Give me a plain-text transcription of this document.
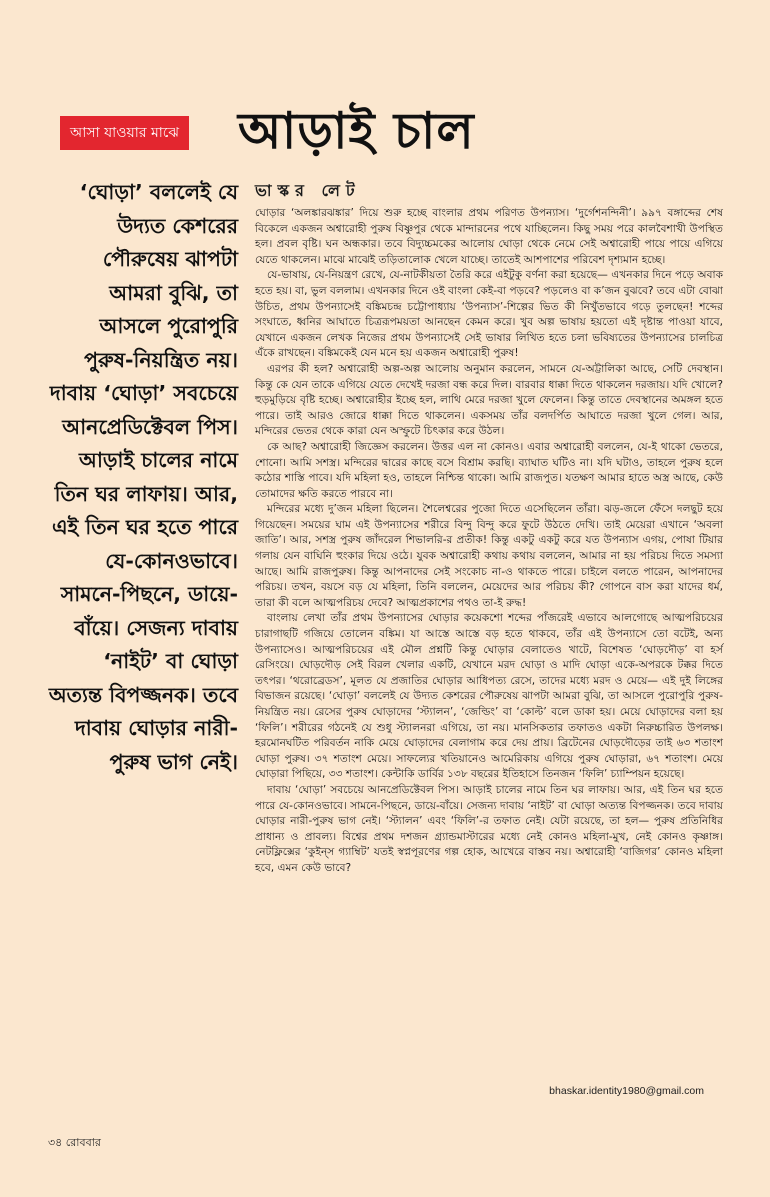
আসা যাওয়ার মাঝে আড়াই চাল
ভাস্কর লেট
‘ঘোড়া’ বললেই যে উদ্যত কেশরের পৌরুষেয় ঝাপটা আমরা বুঝি, তা আসলে পুরোপুরি পুরুষ-নিয়ন্ত্রিত নয়। দাবায় ‘ঘোড়া’ সবচেয়ে আনপ্রেডিক্টেবল পিস। আড়াই চালের নামে তিন ঘর লাফায়। আর, এই তিন ঘর হতে পারে যে-কোনওভাবে। সামনে-পিছনে, ডায়ে-বাঁয়ে। সেজন্য দাবায় ‘নাইট’ বা ঘোড়া অত্যন্ত বিপজ্জনক। তবে দাবায় ঘোড়ার নারী-পুরুষ ভাগ নেই।

ঘোড়ার ‘অলঙ্কারঝঙ্কার’ দিয়ে শুরু হচ্ছে বাংলার প্রথম পরিণত উপন্যাস। ‘দুর্গেশনন্দিনী’। ৯৯৭ বঙ্গাব্দের শেষ বিকেলে একজন অশ্বারোহী পুরুষ বিষ্ণুপুর থেকে মান্দারনের পথে যাচ্ছিলেন। কিছু সময় পরে কালবৈশাখী উপস্থিত হল। প্রবল বৃষ্টি। ঘন অন্ধকার। তবে বিদ্যুচ্চমকের আলোয় ঘোড়া থেকে নেমে সেই অশ্বারোহী পায়ে পায়ে এগিয়ে যেতে থাকলেন। মাঝে মাঝেই তড়িতালোক খেলে যাচ্ছে। তাতেই আশপাশের পরিবেশ দৃশ্যমান হচ্ছে।

যে-ভাষায়, যে-নিয়ন্ত্রণ রেখে, যে-নাটকীয়তা তৈরি করে এইটুকু বর্ণনা করা হয়েছে— এখনকার দিনে পড়ে অবাক হতে হয়। বা, ভুল বললাম। এখনকার দিনে ওই বাংলা কেই-বা পড়বে? পড়লেও বা ক’জন বুঝবে? তবে এটা বোঝা উচিত, প্রথম উপন্যাসেই বঙ্কিমচন্দ্র চট্টোপাধ্যায় ‘উপন্যাস’-শিল্পের ভিত কী নিখুঁতভাবে গড়ে তুলছেন! শব্দের সংঘাতে, ধ্বনির আঘাতে চিত্ররূপময়তা আনছেন কেমন করে। খুব অল্প ভাষায় হয়তো এই দৃষ্টান্ত পাওয়া যাবে, যেখানে একজন লেখক নিজের প্রথম উপন্যাসেই সেই ভাষার লিখিত হতে চলা ভবিষ্যতের উপন্যাসের চালচিত্র এঁকে রাখছেন। বঙ্কিমকেই যেন মনে হয় একজন অশ্বারোহী পুরুষ!

এরপর কী হল? অশ্বারোহী অল্প-অল্প আলোয় অনুমান করলেন, সামনে যে-অট্টালিকা আছে, সেটি দেবস্থান। কিন্তু কে যেন তাকে এগিয়ে যেতে দেখেই দরজা বন্ধ করে দিল। বারবার ধাক্কা দিতে থাকলেন দরজায়। যদি খোলে? হুড়মুড়িয়ে বৃষ্টি হচ্ছে। অশ্বারোহীর ইচ্ছে হল, লাথি মেরে দরজা খুলে ফেলেন। কিন্তু তাতে দেবস্থানের অমঙ্গল হতে পারে। তাই আরও জোরে ধাক্কা দিতে থাকলেন। একসময় তাঁর বলদর্পিত আঘাতে দরজা খুলে গেল। আর, মন্দিরের ভেতর থেকে কারা যেন অস্ফুটে চিৎকার করে উঠল।

কে আছ? অশ্বারোহী জিজ্ঞেস করলেন। উত্তর এল না কোনও। এবার অশ্বারোহী বললেন, যে-ই থাকো ভেতরে, শোনো। আমি সশস্ত্র। মন্দিরের দ্বারের কাছে বসে বিশ্রাম করছি। ব্যাঘাত ঘটিও না। যদি ঘটাও, তাহলে পুরুষ হলে কঠোর শাস্তি পাবে। যদি মহিলা হও, তাহলে নিশ্চিন্ত থাকো। আমি রাজপুত। যতক্ষণ আমার হাতে অস্ত্র আছে, কেউ তোমাদের ক্ষতি করতে পারবে না।

মন্দিরের মধ্যে দু’জন মহিলা ছিলেন। শৈলেশ্বরের পুজো দিতে এসেছিলেন তাঁরা। ঝড়-জলে ফেঁসে দলছুট হয়ে গিয়েছেন। সময়ের ঘাম এই উপন্যাসের শরীরে বিন্দু বিন্দু করে ফুটে উঠতে দেখি। তাই মেয়েরা এখানে ‘অবলা জাতি’। আর, সশস্ত্র পুরুষ জাঁদরেল শিভালরি-র প্রতীক! কিন্তু একটু একটু করে যত উপন্যাস এগয়, পোষা টিয়ার গলায় যেন বাঘিনি হুংকার দিয়ে ওঠে। যুবক অশ্বারোহী কথায় কথায় বললেন, আমার না হয় পরিচয় দিতে সমস্যা আছে। আমি রাজপুরুষ। কিন্তু আপনাদের সেই সংকোচ না-ও থাকতে পারে। চাইলে বলতে পারেন, আপনাদের পরিচয়। তখন, বয়সে বড় যে মহিলা, তিনি বললেন, মেয়েদের আর পরিচয় কী? গোপনে বাস করা যাদের ধর্ম, তারা কী বলে আত্মপরিচয় দেবে? আত্মপ্রকাশের পথও তা-ই রুদ্ধ!

বাংলায় লেখা তাঁর প্রথম উপন্যাসের ঘোড়ার কয়েকশো শব্দের পাঁজরেই এভাবে আলগোছে আত্মপরিচয়ের চারাগাছটি গজিয়ে তোলেন বঙ্কিম। যা আস্তে আস্তে বড় হতে থাকবে, তাঁর এই উপন্যাসে তো বটেই, অন্য উপন্যাসেও। আত্মপরিচয়ের এই মৌল প্রশ্নটি কিন্তু ঘোড়ার বেলাতেও খাটে, বিশেষত ‘ঘোড়দৌড়’ বা হর্স রেসিংয়ে। ঘোড়দৌড় সেই বিরল খেলার একটি, যেখানে মরদ ঘোড়া ও মাদি ঘোড়া একে-অপরকে টক্কর দিতে তৎপর। ‘থরোব্রেডস’, মূলত যে প্রজাতির ঘোড়ার আধিপত্য রেসে, তাদের মধ্যে মরদ ও মেয়ে— এই দুই লিঙ্গের বিভাজন রয়েছে। ‘ঘোড়া’ বললেই যে উদ্যত কেশরের পৌরুষেয় ঝাপটা আমরা বুঝি, তা আসলে পুরোপুরি পুরুষ-নিয়ন্ত্রিত নয়। রেসের পুরুষ ঘোড়াদের ‘স্ট্যালন’, ‘জেল্ডিং’ বা ‘কোল্ট’ বলে ডাকা হয়। মেয়ে ঘোড়াদের বলা হয় ‘ফিলি’। শরীরের গঠনেই যে শুধু স্ট্যালনরা এগিয়ে, তা নয়। মানসিকতার তফাতও একটা নিরুচ্চারিত উপলক্ষ। হরমোনঘটিত পরিবর্তন নাকি মেয়ে ঘোড়াদের বেলাগাম করে দেয় প্রায়। ব্রিটেনের ঘোড়দৌড়ের তাই ৬৩ শতাংশ ঘোড়া পুরুষ। ৩৭ শতাংশ মেয়ে। সাফল্যের খতিয়ানেও আমেরিকায় এগিয়ে পুরুষ ঘোড়ারা, ৬৭ শতাংশ। মেয়ে ঘোড়ারা পিছিয়ে, ৩৩ শতাংশ। কেন্টাকি ডার্বির ১৩৮ বছরের ইতিহাসে তিনজন ‘ফিলি’ চ্যাম্পিয়ন হয়েছে।

দাবায় ‘ঘোড়া’ সবচেয়ে আনপ্রেডিক্টেবল পিস। আড়াই চালের নামে তিন ঘর লাফায়। আর, এই তিন ঘর হতে পারে যে-কোনওভাবে। সামনে-পিছনে, ডায়ে-বাঁয়ে। সেজন্য দাবায় ‘নাইট’ বা ঘোড়া অত্যন্ত বিপজ্জনক। তবে দাবায় ঘোড়ার নারী-পুরুষ ভাগ নেই। ‘স্ট্যালন’ এবং ‘ফিলি’-র তফাত নেই। যেটা রয়েছে, তা হল— পুরুষ প্রতিনিধির প্রাধান্য ও প্রাবল্য। বিশ্বের প্রথম দশজন গ্র্যান্ডমাস্টারের মধ্যে নেই কোনও মহিলা-মুখ, নেই কোনও কৃষ্ণাঙ্গ। নেটফ্লিক্সের ‘কুইন্‌স গ্যাম্বিট’ যতই স্বপ্নপূরণের গল্প হোক, আখেরে বাস্তব নয়। অশ্বারোহী ‘বাজিগর’ কোনও মহিলা হবে, এমন কেউ ভাবে?

bhaskar.identity1980@gmail.com
৩৪ রোববার
